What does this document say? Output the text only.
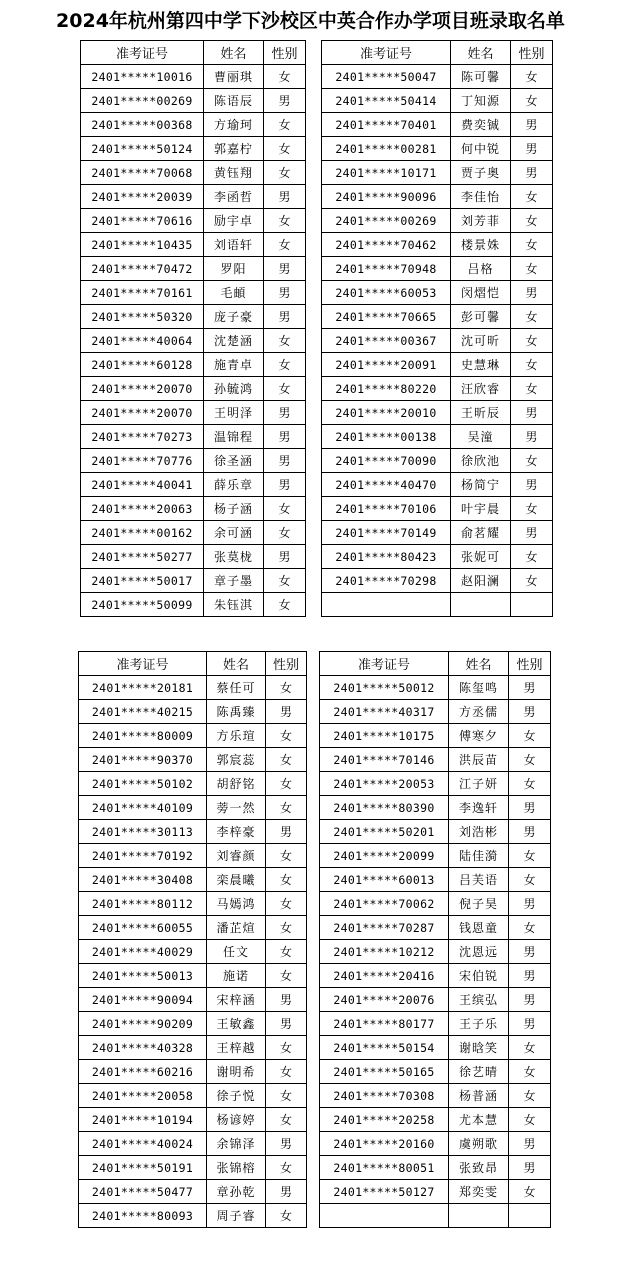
2024年杭州第四中学下沙校区中英合作办学项目班录取名单
准考证号	姓名	性别
2401*****10016	曹丽琪	女
2401*****00269	陈语辰	男
2401*****00368	方瑜珂	女
2401*****50124	郭嘉柠	女
2401*****70068	黄钰翔	女
2401*****20039	李函哲	男
2401*****70616	励宇卓	女
2401*****10435	刘语轩	女
2401*****70472	罗阳	男
2401*****70161	毛頔	男
2401*****50320	庞子豪	男
2401*****40064	沈楚涵	女
2401*****60128	施青卓	女
2401*****20070	孙毓鸿	女
2401*****20070	王明泽	男
2401*****70273	温锦程	男
2401*****70776	徐圣涵	男
2401*****40041	薛乐章	男
2401*****20063	杨子涵	女
2401*****00162	余可涵	女
2401*****50277	张莫栊	男
2401*****50017	章子墨	女
2401*****50099	朱钰淇	女
准考证号	姓名	性别
2401*****50047	陈可馨	女
2401*****50414	丁知源	女
2401*****70401	费奕铖	男
2401*****00281	何中锐	男
2401*****10171	贾子奥	男
2401*****90096	李佳怡	女
2401*****00269	刘芳菲	女
2401*****70462	楼景姝	女
2401*****70948	吕格	女
2401*****60053	闵熠恺	男
2401*****70665	彭可馨	女
2401*****00367	沈可昕	女
2401*****20091	史慧琳	女
2401*****80220	汪欣睿	女
2401*****20010	王昕辰	男
2401*****00138	吴潼	男
2401*****70090	徐欣池	女
2401*****40470	杨简宁	男
2401*****70106	叶宇晨	女
2401*****70149	俞茗耀	男
2401*****80423	张妮可	女
2401*****70298	赵阳澜	女

准考证号	姓名	性别
2401*****20181	蔡任可	女
2401*****40215	陈禹臻	男
2401*****80009	方乐瑄	女
2401*****90370	郭宸蕊	女
2401*****50102	胡舒铭	女
2401*****40109	蒡一然	女
2401*****30113	李梓豪	男
2401*****70192	刘睿颜	女
2401*****30408	栾晨曦	女
2401*****80112	马嫣鸿	女
2401*****60055	潘芷煊	女
2401*****40029	任文	女
2401*****50013	施诺	女
2401*****90094	宋梓涵	男
2401*****90209	王敏鑫	男
2401*****40328	王梓越	女
2401*****60216	谢明希	女
2401*****20058	徐子悦	女
2401*****10194	杨谚婷	女
2401*****40024	余锦泽	男
2401*****50191	张锦榕	女
2401*****50477	章孙乾	男
2401*****80093	周子睿	女
准考证号	姓名	性别
2401*****50012	陈玺鸣	男
2401*****40317	方丞儒	男
2401*****10175	傅寒夕	女
2401*****70146	洪辰苗	女
2401*****20053	江子妍	女
2401*****80390	李逸轩	男
2401*****50201	刘浩彬	男
2401*****20099	陆佳漪	女
2401*****60013	吕芙语	女
2401*****70062	倪子昊	男
2401*****70287	钱恩童	女
2401*****10212	沈恩远	男
2401*****20416	宋伯锐	男
2401*****20076	王缤弘	男
2401*****80177	王子乐	男
2401*****50154	谢晗笑	女
2401*****50165	徐艺晴	女
2401*****70308	杨普涵	女
2401*****20258	尤本慧	女
2401*****20160	虞朔歌	男
2401*****80051	张致昂	男
2401*****50127	郑奕雯	女
